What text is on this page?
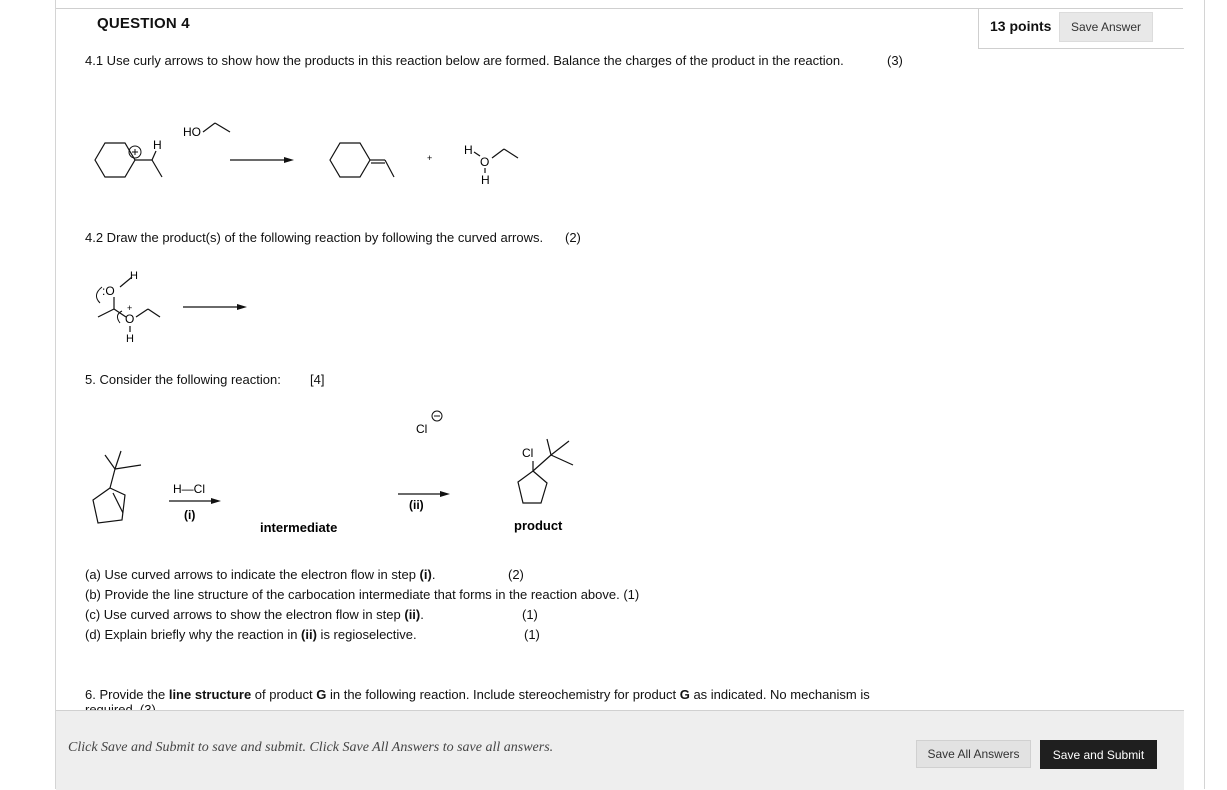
QUESTION 4	13 points	Save Answer
4.1 Use curly arrows to show how the products in this reaction below are formed. Balance the charges of the product in the reaction.	(3)
H
HO
+
H
O
H
4.2 Draw the product(s) of the following reaction by following the curved arrows. (2)
H
:O
+
O
H
5. Consider the following reaction: [4]
H—Cl
(i)
intermediate
Cl
(ii)
Cl
product
(a) Use curved arrows to indicate the electron flow in step (i).	(2)
(b) Provide the line structure of the carbocation intermediate that forms in the reaction above. (1)
(c) Use curved arrows to show the electron flow in step (ii).	(1)
(d) Explain briefly why the reaction in (ii) is regioselective.	(1)
6. Provide the line structure of product G in the following reaction. Include stereochemistry for product G as indicated. No mechanism is
Click Save and Submit to save and submit. Click Save All Answers to save all answers.	Save All Answers	Save and Submit
